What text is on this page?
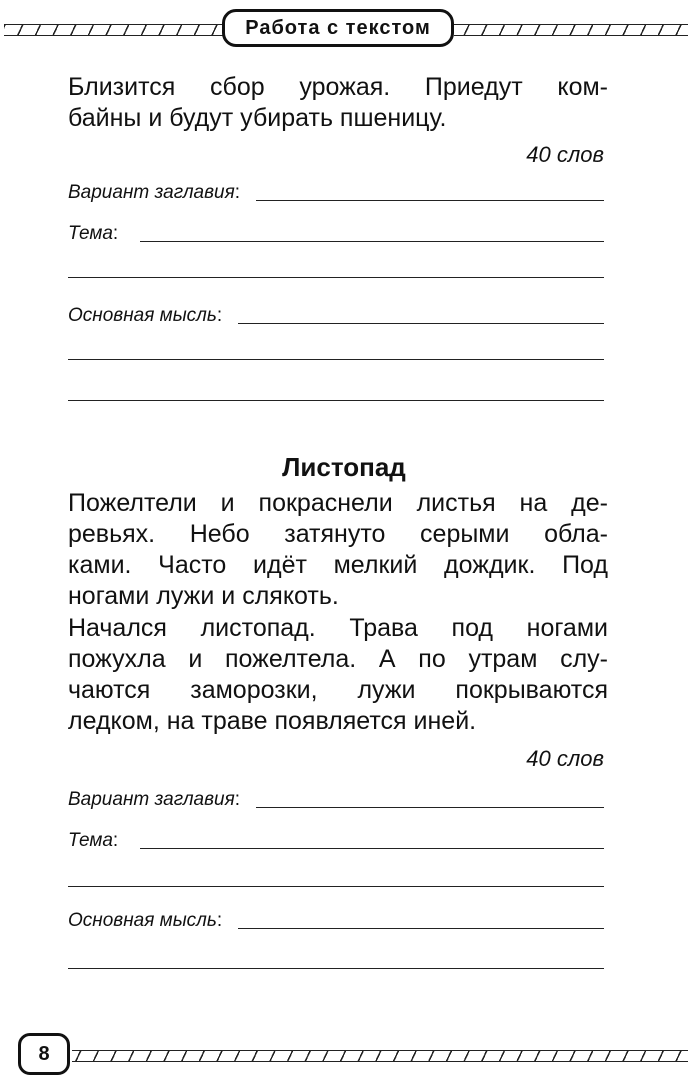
Работа с текстом

Близится сбор урожая. Приедут ком-

байны и будут убирать пшеницу.

40 слов
Вариант заглавия :
Тема :
Основная мысль :
Листопад

Пожелтели и покраснели листья на де-

ревьях. Небо затянуто серыми обла-

ками. Часто идёт мелкий дождик. Под

ногами лужи и слякоть.

Начался листопад. Трава под ногами

пожухла и пожелтела. А по утрам слу-

чаются заморозки, лужи покрываются

ледком, на траве появляется иней.

40 слов
Вариант заглавия :
Тема :
Основная мысль :
8
